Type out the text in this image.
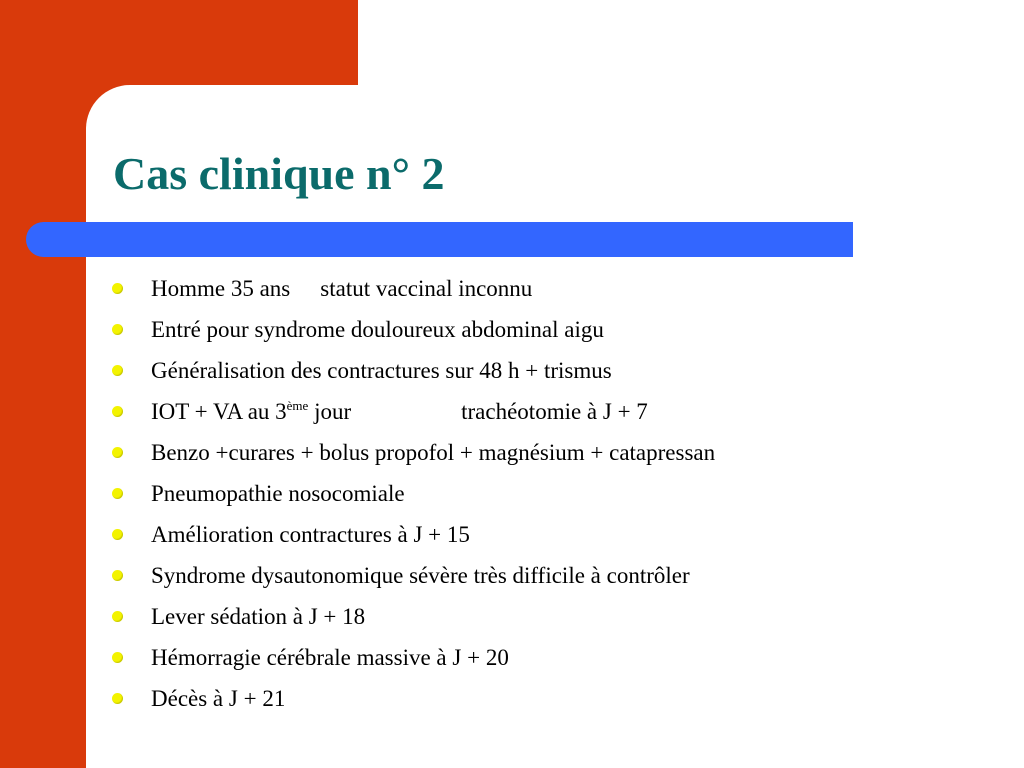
Cas clinique n° 2
Homme 35 ans statut vaccinal inconnu
Entré pour syndrome douloureux abdominal aigu
Généralisation des contractures sur 48 h + trismus
IOT + VA au 3ème jour	trachéotomie à J + 7
Benzo +curares + bolus propofol + magnésium + catapressan
Pneumopathie nosocomiale
Amélioration contractures à J + 15
Syndrome dysautonomique sévère très difficile à contrôler
Lever sédation à J + 18
Hémorragie cérébrale massive à J + 20
Décès à J + 21
